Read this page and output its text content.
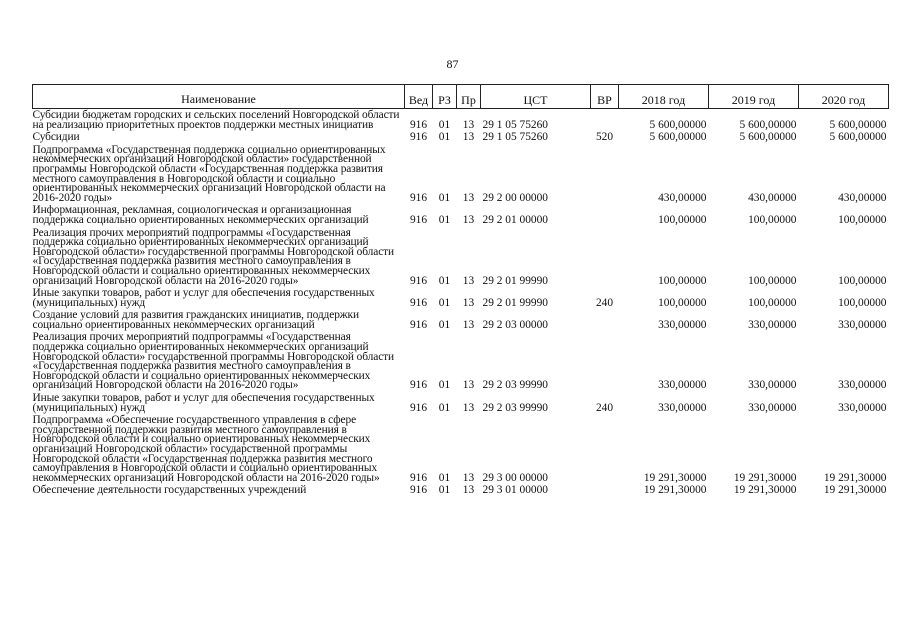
87
Наименование	Вед	РЗ	Пр	ЦСТ	ВР	2018 год	2019 год	2020 год
Субсидии бюджетам городских и сельских поселений Новгородской области на реализацию приоритетных проектов поддержки местных инициатив	916	01	13	29 1 05 75260		5 600,00000	5 600,00000	5 600,00000
Субсидии	916	01	13	29 1 05 75260	520	5 600,00000	5 600,00000	5 600,00000
Подпрограмма «Государственная поддержка социально ориентированных некоммерческих организаций Новгородской области» государственной программы Новгородской области «Государственная поддержка развития местного самоуправления в Новгородской области и социально ориентированных некоммерческих организаций Новгородской области на 2016-2020 годы»	916	01	13	29 2 00 00000		430,00000	430,00000	430,00000
Информационная, рекламная, социологическая и организационная поддержка социально ориентированных некоммерческих организаций	916	01	13	29 2 01 00000		100,00000	100,00000	100,00000
Реализация прочих мероприятий подпрограммы «Государственная поддержка социально ориентированных некоммерческих организаций Новгородской области» государственной программы Новгородской области «Государственная поддержка развития местного самоуправления в Новгородской области и социально ориентированных некоммерческих организаций Новгородской области на 2016-2020 годы»	916	01	13	29 2 01 99990		100,00000	100,00000	100,00000
Иные закупки товаров, работ и услуг для обеспечения государственных (муниципальных) нужд	916	01	13	29 2 01 99990	240	100,00000	100,00000	100,00000
Создание условий для развития гражданских инициатив, поддержки социально ориентированных некоммерческих организаций	916	01	13	29 2 03 00000		330,00000	330,00000	330,00000
Реализация прочих мероприятий подпрограммы «Государственная поддержка социально ориентированных некоммерческих организаций Новгородской области» государственной программы Новгородской области «Государственная поддержка развития местного самоуправления в Новгородской области и социально ориентированных некоммерческих организаций Новгородской области на 2016-2020 годы»	916	01	13	29 2 03 99990		330,00000	330,00000	330,00000
Иные закупки товаров, работ и услуг для обеспечения государственных (муниципальных) нужд	916	01	13	29 2 03 99990	240	330,00000	330,00000	330,00000
Подпрограмма «Обеспечение государственного управления в сфере государственной поддержки развития местного самоуправления в Новгородской области и социально ориентированных некоммерческих организаций Новгородской области» государственной программы Новгородской области «Государственная поддержка развития местного самоуправления в Новгородской области и социально ориентированных некоммерческих организаций Новгородской области на 2016-2020 годы»	916	01	13	29 3 00 00000		19 291,30000	19 291,30000	19 291,30000
Обеспечение деятельности государственных учреждений	916	01	13	29 3 01 00000		19 291,30000	19 291,30000	19 291,30000
